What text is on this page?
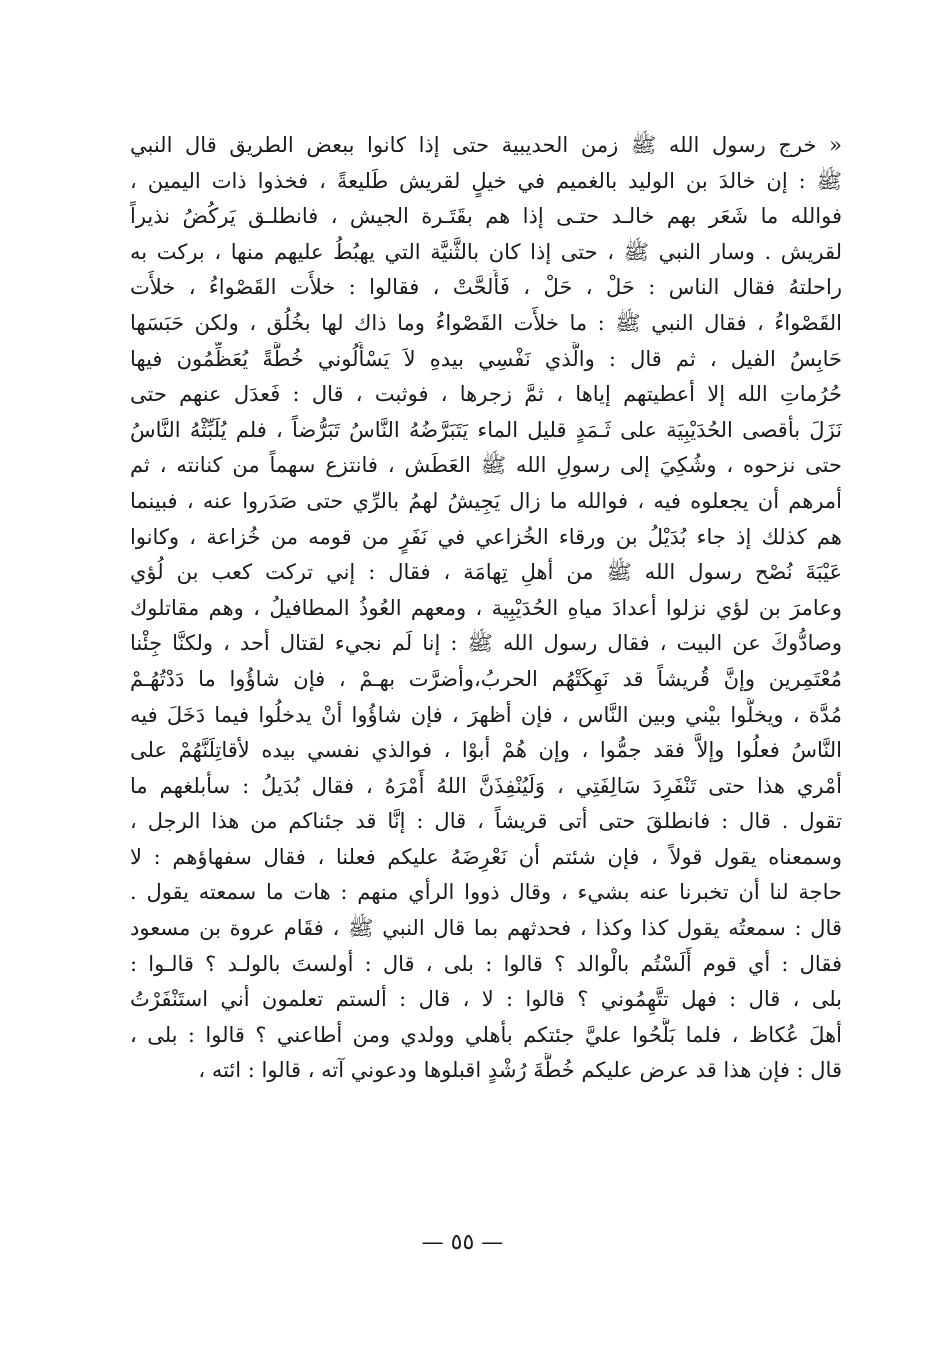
« خرج رسول الله ﷺ زمن الحديبية حتى إذا كانوا ببعض الطريق قال النبي
ﷺ : إن خالدَ بن الوليد بالغميم في خيلٍ لقريش طَليعةً ، فخذوا ذات اليمين ،
فوالله ما شَعَر بهم خالـد حتـى إذا هم بقَتَـرة الجيش ، فانطلـق يَركُضُ نذيراً
لقريش . وسار النبي ﷺ ، حتى إذا كان بالثَّنيَّة التي يهبُطُ عليهم منها ، بركت به
راحلتهُ فقال الناس : حَلْ ، حَلْ ، فَأَلحَّتْ ، فقالوا : خلأَت القَصْواءُ ، خلأَت
القَصْواءُ ، فقال النبي ﷺ : ما خلأَت القَصْواءُ وما ذاك لها بخُلُق ، ولكن حَبَسَها
حَابِسُ الفيل ، ثم قال : والَّذي نَفْسِي بيدهِ لاَ يَسْأَلُوني خُطَّةً يُعَظِّمُون فيها
حُرُماتِ الله إلا أعطيتهم إياها ، ثمَّ زجرها ، فوثبت ، قال : فَعدَل عنهم حتى
نَزَلَ بأقصى الحُدَيْبِيَة على ثَـمَدٍ قليل الماء يَتَبَرَّضُهُ النَّاسُ تَبَرُّضاً ، فلم يُلَبِّثْهُ النَّاسُ
حتى نزحوه ، وشُكِيَ إلى رسولِ الله ﷺ العَطَش ، فانتزع سهماً من كنانته ، ثم
أمرهم أن يجعلوه فيه ، فوالله ما زال يَجِيشُ لهمُ بالرِّي حتى صَدَروا عنه ، فبينما
هم كذلك إذ جاء بُدَيْلُ بن ورقاء الخُزاعي في نَفَرٍ من قومه من خُزاعة ، وكانوا
عَيْبَةَ نُصْح رسول الله ﷺ من أهلِ تِهامَة ، فقال : إني تركت كعب بن لُؤي
وعامرَ بن لؤي نزلوا أعدادَ مياهِ الحُدَيْبِية ، ومعهم العُوذُ المطافيلُ ، وهم مقاتلوك
وصادُّوكَ عن البيت ، فقال رسول الله ﷺ : إنا لَم نجيء لقتال أحد ، ولكنَّا جِئْنا
مُعْتَمِرين وإنَّ قُريشاً قد نَهِكَتْهُم الحربُ،وأضرَّت بهـمْ ، فإن شاؤُوا ما دَدْتُهُـمْ
مُدَّة ، ويخلُّوا بيْني وبين النَّاس ، فإن أظهرَ ، فإن شاؤُوا أنْ يدخلُوا فيما دَخَلَ فيه
النَّاسُ فعلُوا وإلاَّ فقد جمُّوا ، وإن هُمْ أبوْا ، فوالذي نفسي بيده لأقاتِلَنَّهُمْ على
أمْري هذا حتى تَنْفَرِدَ سَالِفَتِي ، وَلَيُنْفِذَنَّ اللهُ أَمْرَهُ ، فقال بُدَيلُ : سأبلغهم ما
تقول . قال : فانطلقَ حتى أتى قريشاً ، قال : إنَّا قد جئناكم من هذا الرجل ،
وسمعناه يقول قولاً ، فإن شئتم أن نَعْرِضَهُ عليكم فعلنا ، فقال سفهاؤهم : لا
حاجة لنا أن تخبرنا عنه بشيء ، وقال ذووا الرأي منهم : هات ما سمعته يقول .
قال : سمعتُه يقول كذا وكذا ، فحدثهم بما قال النبي ﷺ ، فقَام عروة بن مسعود
فقال : أي قوم أَلَسْتُم بالْوالد ؟ قالوا : بلى ، قال : أولستَ بالولـد ؟ قالـوا :
بلى ، قال : فهل تتَّهِمُوني ؟ قالوا : لا ، قال : ألستم تعلمون أني استَنْفَرْتُ
أهلَ عُكاظ ، فلما بَلَّحُوا عليَّ جئتكم بأهلي وولدي ومن أطاعني ؟ قالوا : بلى ،
قال : فإن هذا قد عرض عليكم خُطَّةَ رُشْدٍ اقبلوها ودعوني آته ، قالوا : ائته ،
— ٥٥ —
